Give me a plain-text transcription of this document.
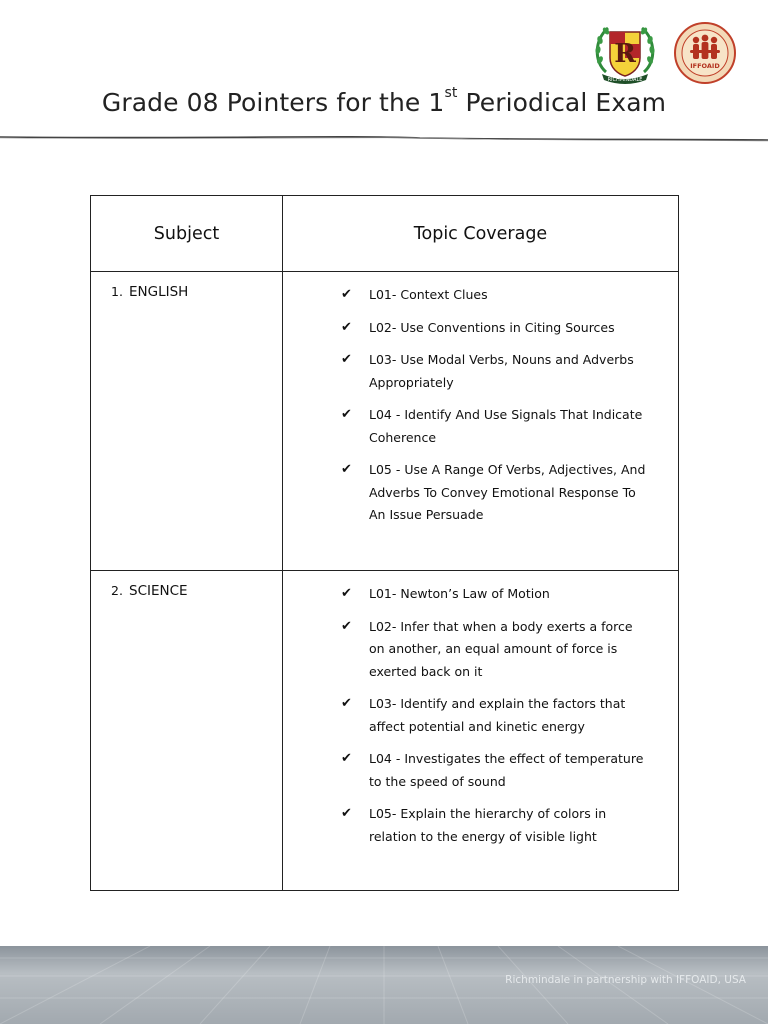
R
RICHMINDALE
IFFOAID
Grade 08 Pointers for the 1st Periodical Exam
Subject	Topic Coverage
1. ENGLISH	✔ L01- Context Clues
✔ L02- Use Conventions in Citing Sources
✔ L03- Use Modal Verbs, Nouns and Adverbs Appropriately
✔ L04 - Identify And Use Signals That Indicate Coherence
✔ L05 - Use A Range Of Verbs, Adjectives, And Adverbs To Convey Emotional Response To An Issue Persuade
2. SCIENCE	✔ L01- Newton’s Law of Motion
✔ L02- Infer that when a body exerts a force on another, an equal amount of force is exerted back on it
✔ L03- Identify and explain the factors that affect potential and kinetic energy
✔ L04 - Investigates the effect of temperature to the speed of sound
✔ L05- Explain the hierarchy of colors in relation to the energy of visible light
Richmindale in partnership with IFFOAID, USA
